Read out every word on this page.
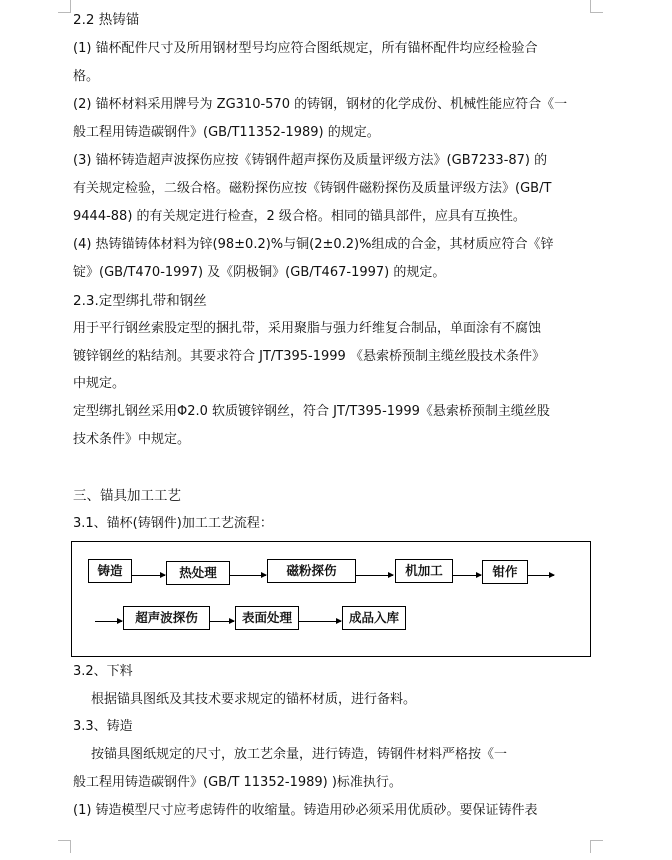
2.2 热铸锚
(1) 锚杯配件尺寸及所用钢材型号均应符合图纸规定，所有锚杯配件均应经检验合
格。
(2) 锚杯材料采用牌号为 ZG310-570 的铸钢，钢材的化学成份、机械性能应符合《一
般工程用铸造碳钢件》(GB/T11352-1989) 的规定。
(3) 锚杯铸造超声波探伤应按《铸钢件超声探伤及质量评级方法》(GB7233-87) 的
有关规定检验，二级合格。磁粉探伤应按《铸钢件磁粉探伤及质量评级方法》(GB/T
9444-88) 的有关规定进行检查，2 级合格。相同的锚具部件，应具有互换性。
(4) 热铸锚铸体材料为锌(98±0.2)%与铜(2±0.2)%组成的合金，其材质应符合《锌
锭》(GB/T470-1997) 及《阴极铜》(GB/T467-1997) 的规定。
2.3.定型绑扎带和钢丝
用于平行钢丝索股定型的捆扎带，采用聚脂与强力纤维复合制品，单面涂有不腐蚀
镀锌钢丝的粘结剂。其要求符合 JT/T395-1999 《悬索桥预制主缆丝股技术条件》
中规定。
定型绑扎钢丝采用Φ2.0 软质镀锌钢丝，符合 JT/T395-1999《悬索桥预制主缆丝股
技术条件》中规定。
三、锚具加工工艺
3.1、锚杯(铸钢件)加工工艺流程：
铸造	热处理	磁粉探伤	机加工	钳作
超声波探伤	表面处理	成品入库
3.2、下料
根据锚具图纸及其技术要求规定的锚杯材质，进行备料。
3.3、铸造
按锚具图纸规定的尺寸，放工艺余量，进行铸造，铸钢件材料严格按《一
般工程用铸造碳钢件》(GB/T 11352-1989) )标准执行。
(1) 铸造模型尺寸应考虑铸件的收缩量。铸造用砂必须采用优质砂。要保证铸件表
